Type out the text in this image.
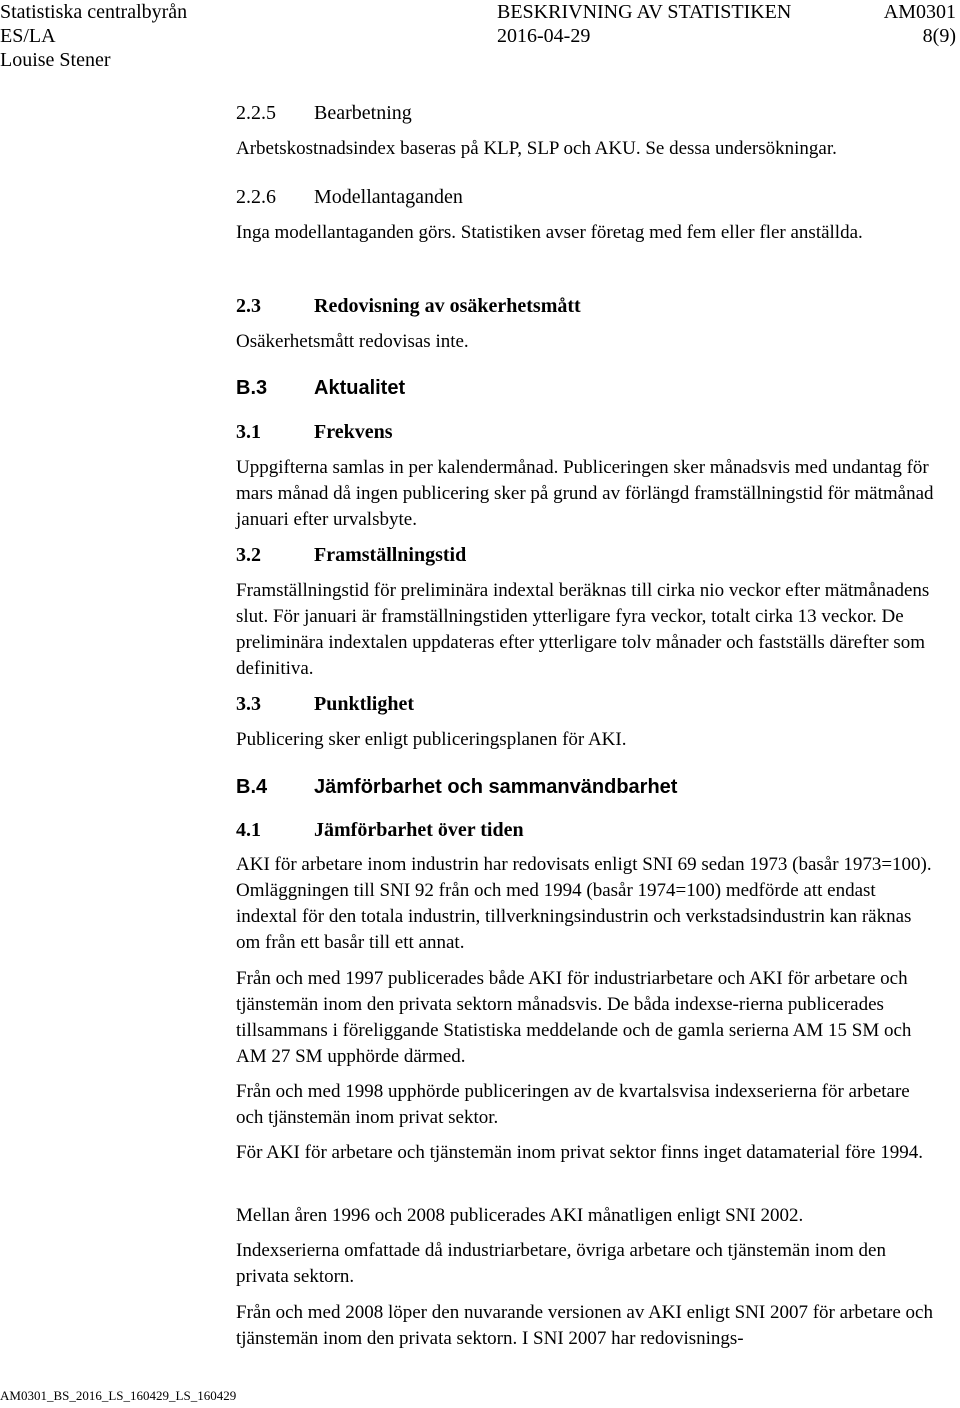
Statistiska centralbyrån
ES/LA
Louise Stener
BESKRIVNING AV STATISTIKEN
2016-04-29
AM0301
8(9)
2.2.5 Bearbetning
Arbetskostnadsindex baseras på KLP, SLP och AKU. Se dessa undersökningar.
2.2.6 Modellantaganden
Inga modellantaganden görs. Statistiken avser företag med fem eller fler anställda.
2.3	Redovisning av osäkerhetsmått
Osäkerhetsmått redovisas inte.
B.3 Aktualitet
3.1	Frekvens
Uppgifterna samlas in per kalendermånad. Publiceringen sker månadsvis med undantag för mars månad då ingen publicering sker på grund av förlängd framställningstid för mätmånad januari efter urvalsbyte.
3.2	Framställningstid
Framställningstid för preliminära indextal beräknas till cirka nio veckor efter mätmånadens slut. För januari är framställningstiden ytterligare fyra veckor, totalt cirka 13 veckor. De preliminära indextalen uppdateras efter ytterligare tolv månader och fastställs därefter som definitiva.
3.3	Punktlighet
Publicering sker enligt publiceringsplanen för AKI.
B.4 Jämförbarhet och sammanvändbarhet
4.1	Jämförbarhet över tiden
AKI för arbetare inom industrin har redovisats enligt SNI 69 sedan 1973 (basår 1973=100). Omläggningen till SNI 92 från och med 1994 (basår 1974=100) medförde att endast indextal för den totala industrin, tillverkningsindustrin och verkstadsindustrin kan räknas om från ett basår till ett annat.
Från och med 1997 publicerades både AKI för industriarbetare och AKI för arbetare och tjänstemän inom den privata sektorn månadsvis. De båda indexse-rierna publicerades tillsammans i föreliggande Statistiska meddelande och de gamla serierna AM 15 SM och AM 27 SM upphörde därmed.
Från och med 1998 upphörde publiceringen av de kvartalsvisa indexserierna för arbetare och tjänstemän inom privat sektor.
För AKI för arbetare och tjänstemän inom privat sektor finns inget datamaterial före 1994.
Mellan åren 1996 och 2008 publicerades AKI månatligen enligt SNI 2002.
Indexserierna omfattade då industriarbetare, övriga arbetare och tjänstemän inom den privata sektorn.
Från och med 2008 löper den nuvarande versionen av AKI enligt SNI 2007 för arbetare och tjänstemän inom den privata sektorn. I SNI 2007 har redovisnings-
AM0301_BS_2016_LS_160429_LS_160429
